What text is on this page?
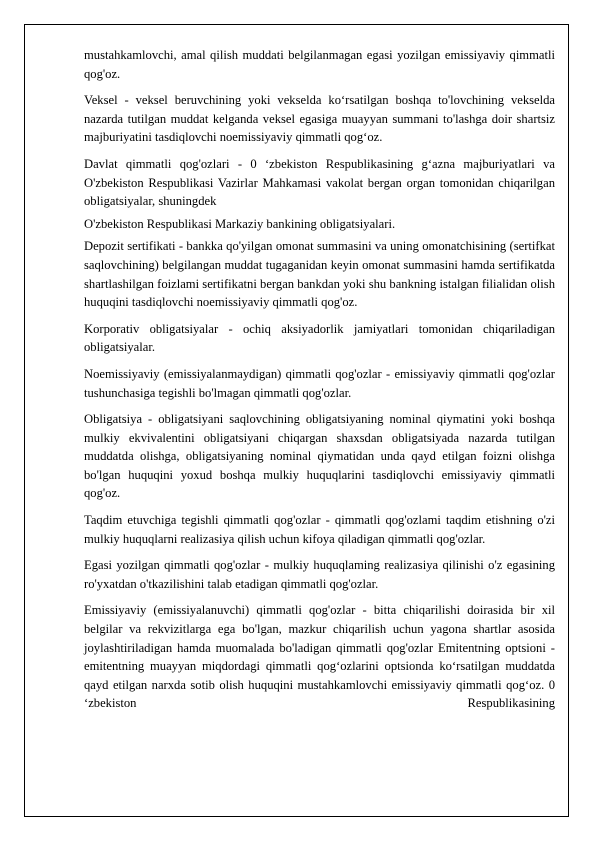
mustahkamlovchi, amal qilish muddati belgilanmagan egasi yozilgan emissiyaviy qimmatli qog'oz.

Veksel - veksel beruvchining yoki vekselda ko‘rsatilgan boshqa to'lovchining vekselda nazarda tutilgan muddat kelganda veksel egasiga muayyan summani to'lashga doir shartsiz majburiyatini tasdiqlovchi noemissiyaviy qimmatli qog‘oz.

Davlat qimmatli qog'ozlari - 0 ‘zbekiston Respublikasining g‘azna majburiyatlari va O'zbekiston Respublikasi Vazirlar Mahkamasi vakolat bergan organ tomonidan chiqarilgan obligatsiyalar, shuningdek

O'zbekiston Respublikasi Markaziy bankining obligatsiyalari.

Depozit sertifikati - bankka qo'yilgan omonat summasini va uning omonatchisining (sertifkat saqlovchining) belgilangan muddat tugaganidan keyin omonat summasini hamda sertifikatda shartlashilgan foizlami sertifikatni bergan bankdan yoki shu bankning istalgan filialidan olish huquqini tasdiqlovchi noemissiyaviy qimmatli qog'oz.

Korporativ obligatsiyalar - ochiq aksiyadorlik jamiyatlari tomonidan chiqariladigan obligatsiyalar.

Noemissiyaviy (emissiyalanmaydigan) qimmatli qog'ozlar - emissiyaviy qimmatli qog'ozlar tushunchasiga tegishli bo'lmagan qimmatli qog'ozlar.

Obligatsiya - obligatsiyani saqlovchining obligatsiyaning nominal qiymatini yoki boshqa mulkiy ekvivalentini obligatsiyani chiqargan shaxsdan obligatsiyada nazarda tutilgan muddatda olishga, obligatsiyaning nominal qiymatidan unda qayd etilgan foizni olishga bo'lgan huquqini yoxud boshqa mulkiy huquqlarini tasdiqlovchi emissiyaviy qimmatli qog'oz.

Taqdim etuvchiga tegishli qimmatli qog'ozlar - qimmatli qog'ozlami taqdim etishning o'zi mulkiy huquqlarni realizasiya qilish uchun kifoya qiladigan qimmatli qog'ozlar.

Egasi yozilgan qimmatli qog'ozlar - mulkiy huquqlaming realizasiya qilinishi o'z egasining ro'yxatdan o'tkazilishini talab etadigan qimmatli qog'ozlar.

Emissiyaviy (emissiyalanuvchi) qimmatli qog'ozlar - bitta chiqarilishi doirasida bir xil belgilar va rekvizitlarga ega bo'lgan, mazkur chiqarilish uchun yagona shartlar asosida joylashtiriladigan hamda muomalada bo'ladigan qimmatli qog'ozlar Emitentning optsioni - emitentning muayyan miqdordagi qimmatli qog‘ozlarini optsionda ko‘rsatilgan muddatda qayd etilgan narxda sotib olish huquqini mustahkamlovchi emissiyaviy qimmatli qog‘oz. 0 ‘zbekiston Respublikasining
